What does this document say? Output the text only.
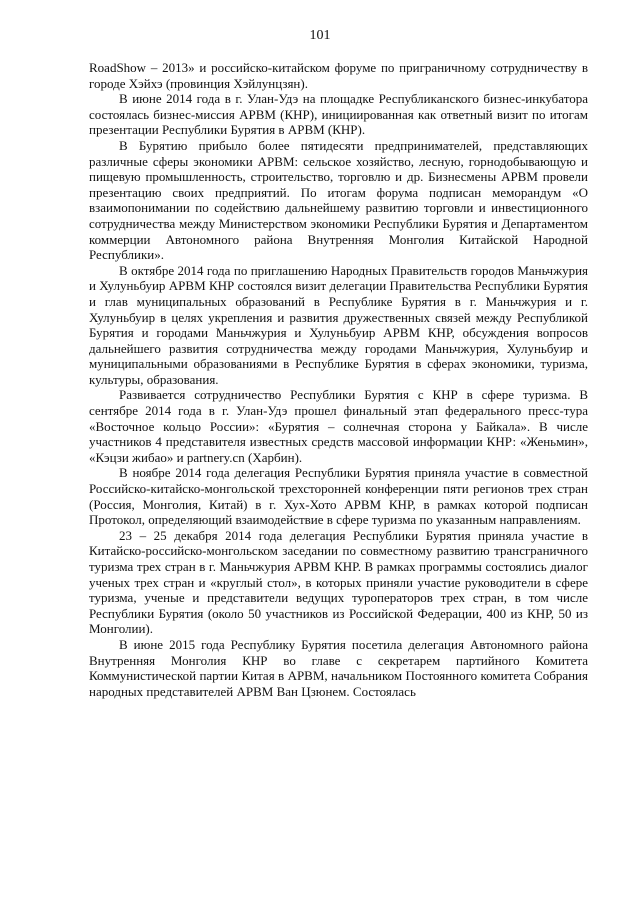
101

RoadShow – 2013» и российско-китайском форуме по приграничному сотрудничеству в городе Хэйхэ (провинция Хэйлунцзян).

В июне 2014 года в г. Улан-Удэ на площадке Республиканского бизнес-инкубатора состоялась бизнес-миссия АРВМ (КНР), инициированная как ответный визит по итогам презентации Республики Бурятия в АРВМ (КНР).

В Бурятию прибыло более пятидесяти предпринимателей, представляющих различные сферы экономики АРВМ: сельское хозяйство, лесную, горнодобывающую и пищевую промышленность, строительство, торговлю и др. Бизнесмены АРВМ провели презентацию своих предприятий. По итогам форума подписан меморандум «О взаимопонимании по содействию дальнейшему развитию торговли и инвестиционного сотрудничества между Министерством экономики Республики Бурятия и Департаментом коммерции Автономного района Внутренняя Монголия Китайской Народной Республики».

В октябре 2014 года по приглашению Народных Правительств городов Маньчжурия и Хулуньбуир АРВМ КНР состоялся визит делегации Правительства Республики Бурятия и глав муниципальных образований в Республике Бурятия в г. Маньчжурия и г. Хулуньбуир в целях укрепления и развития дружественных связей между Республикой Бурятия и городами Маньчжурия и Хулуньбуир АРВМ КНР, обсуждения вопросов дальнейшего развития сотрудничества между городами Маньчжурия, Хулуньбуир и муниципальными образованиями в Республике Бурятия в сферах экономики, туризма, культуры, образования.

Развивается сотрудничество Республики Бурятия с КНР в сфере туризма. В сентябре 2014 года в г. Улан-Удэ прошел финальный этап федерального пресс-тура «Восточное кольцо России»: «Бурятия – солнечная сторона у Байкала». В числе участников 4 представителя известных средств массовой информации КНР: «Женьмин», «Кэцзи жибао» и partnery.cn (Харбин).

В ноябре 2014 года делегация Республики Бурятия приняла участие в совместной Российско-китайско-монгольской трехсторонней конференции пяти регионов трех стран (Россия, Монголия, Китай) в г. Хух-Хото АРВМ КНР, в рамках которой подписан Протокол, определяющий взаимодействие в сфере туризма по указанным направлениям.

23 – 25 декабря 2014 года делегация Республики Бурятия приняла участие в Китайско-российско-монгольском заседании по совместному развитию трансграничного туризма трех стран в г. Маньчжурия АРВМ КНР. В рамках программы состоялись диалог ученых трех стран и «круглый стол», в которых приняли участие руководители в сфере туризма, ученые и представители ведущих туроператоров трех стран, в том числе Республики Бурятия (около 50 участников из Российской Федерации, 400 из КНР, 50 из Монголии).

В июне 2015 года Республику Бурятия посетила делегация Автономного района Внутренняя Монголия КНР во главе с секретарем партийного Комитета Коммунистической партии Китая в АРВМ, начальником Постоянного комитета Собрания народных представителей АРВМ Ван Цзюнем. Состоялась
